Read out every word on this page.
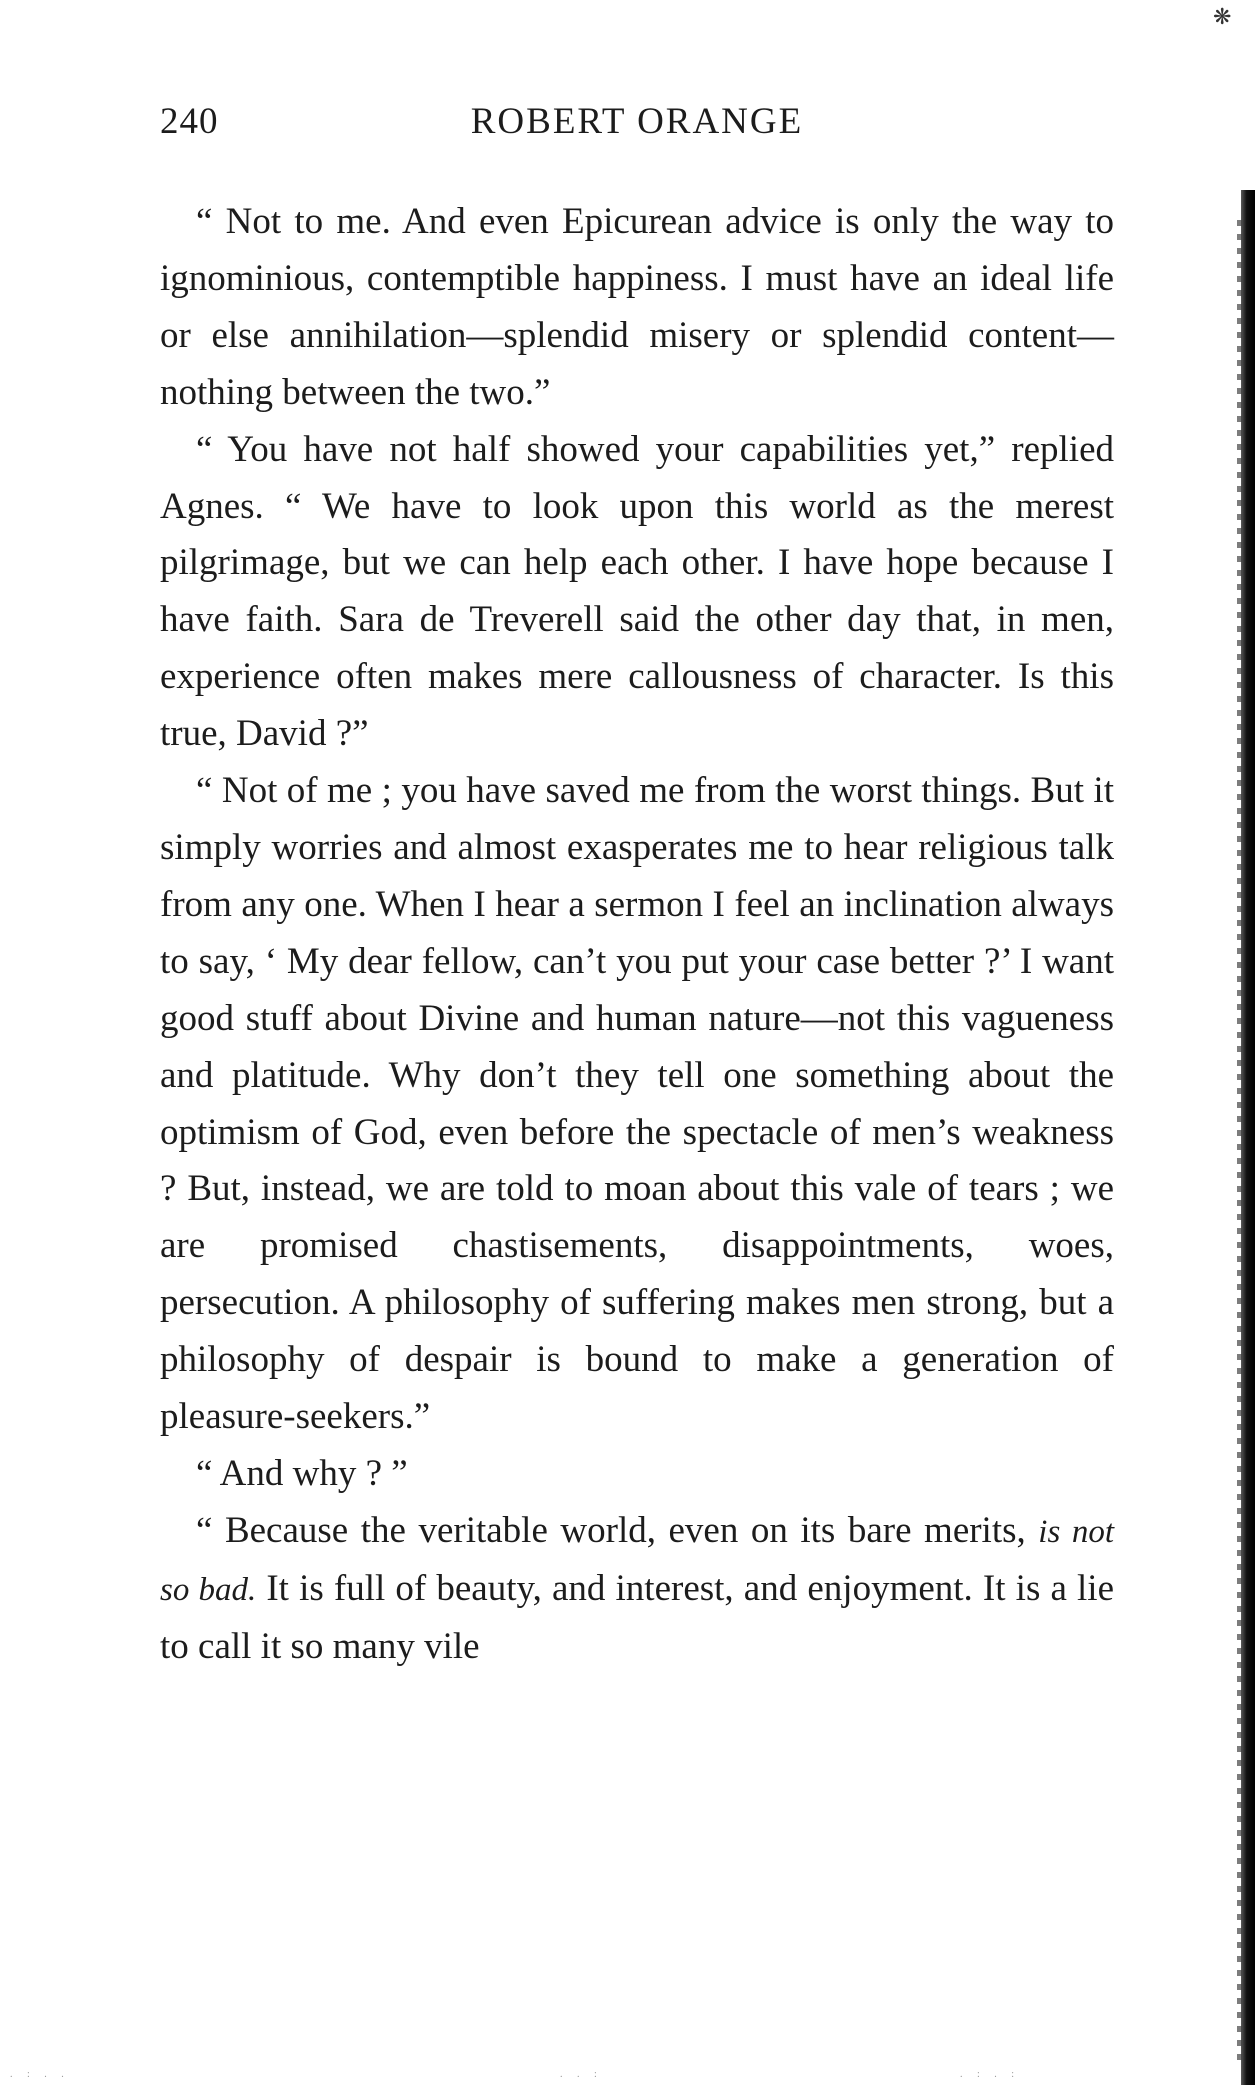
❋
240	ROBERT ORANGE

“ Not to me. And even Epicurean advice is only the way to ignominious, contemptible happiness. I must have an ideal life or else annihilation—splendid misery or splendid content—nothing between the two.”

“ You have not half showed your capabilities yet,” replied Agnes. “ We have to look upon this world as the merest pilgrimage, but we can help each other. I have hope because I have faith. Sara de Treverell said the other day that, in men, experience often makes mere callousness of character. Is this true, David ?”

“ Not of me ; you have saved me from the worst things. But it simply worries and almost exasperates me to hear religious talk from any one. When I hear a sermon I feel an inclination always to say, ‘ My dear fellow, can’t you put your case better ?’ I want good stuff about Divine and human nature—not this vagueness and platitude. Why don’t they tell one something about the optimism of God, even before the spectacle of men’s weakness ? But, instead, we are told to moan about this vale of tears ; we are promised chastisements, disappointments, woes, persecution. A philosophy of suffering makes men strong, but a philosophy of despair is bound to make a generation of pleasure-seekers.”

“ And why ? ”

“ Because the veritable world, even on its bare merits, is not so bad. It is full of beauty, and interest, and enjoyment. It is a lie to call it so many vile

. : . .	. . :	. : . :
